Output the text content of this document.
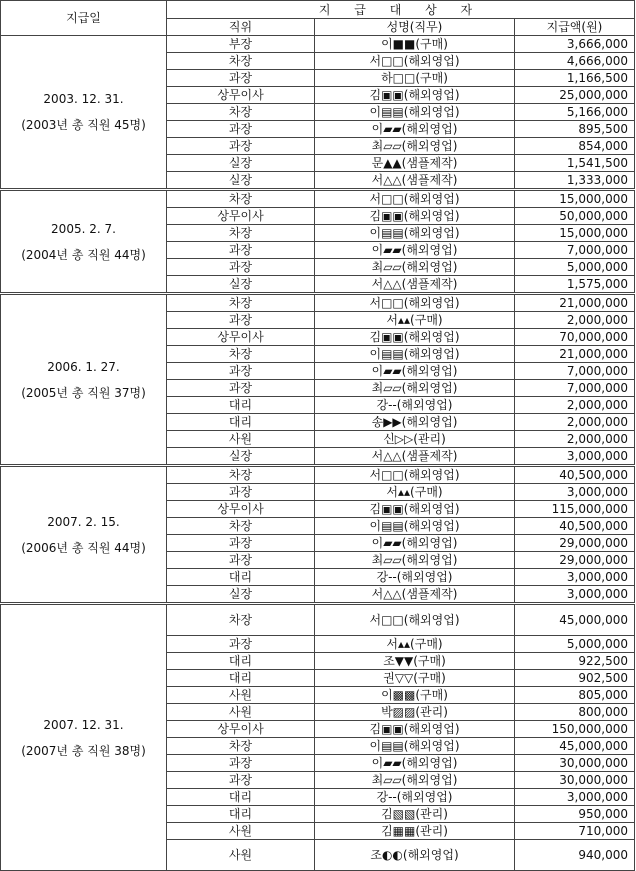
지급일	지 급 대 상 자		
	직위	성명(직무)	지급액(원)

2003. 12. 31.
(2003년 총 직원 45명)	부장	이■■(구매)	3,666,000
	차장	서□□(해외영업)	4,666,000
	과장	하□□(구매)	1,166,500
	상무이사	김▣▣(해외영업)	25,000,000
	차장	이▤▤(해외영업)	5,166,000
	과장	이▰▰(해외영업)	895,500
	과장	최▱▱(해외영업)	854,000
	실장	문▲▲(샘플제작)	1,541,500
	실장	서△△(샘플제작)	1,333,000

2005. 2. 7.
(2004년 총 직원 44명)	차장	서□□(해외영업)	15,000,000
	상무이사	김▣▣(해외영업)	50,000,000
	차장	이▤▤(해외영업)	15,000,000
	과장	이▰▰(해외영업)	7,000,000
	과장	최▱▱(해외영업)	5,000,000
	실장	서△△(샘플제작)	1,575,000

2006. 1. 27.
(2005년 총 직원 37명)	차장	서□□(해외영업)	21,000,000
	과장	서▴▴(구매)	2,000,000
	상무이사	김▣▣(해외영업)	70,000,000
	차장	이▤▤(해외영업)	21,000,000
	과장	이▰▰(해외영업)	7,000,000
	과장	최▱▱(해외영업)	7,000,000
	대리	강--(해외영업)	2,000,000
	대리	송▶▶(해외영업)	2,000,000
	사원	신▷▷(관리)	2,000,000
	실장	서△△(샘플제작)	3,000,000

2007. 2. 15.
(2006년 총 직원 44명)	차장	서□□(해외영업)	40,500,000
	과장	서▴▴(구매)	3,000,000
	상무이사	김▣▣(해외영업)	115,000,000
	차장	이▤▤(해외영업)	40,500,000
	과장	이▰▰(해외영업)	29,000,000
	과장	최▱▱(해외영업)	29,000,000
	대리	강--(해외영업)	3,000,000
	실장	서△△(샘플제작)	3,000,000

2007. 12. 31.
(2007년 총 직원 38명)	차장	서□□(해외영업)	45,000,000
	과장	서▴▴(구매)	5,000,000
	대리	조▼▼(구매)	922,500
	대리	권▽▽(구매)	902,500
	사원	이▩▩(구매)	805,000
	사원	박▨▨(관리)	800,000
	상무이사	김▣▣(해외영업)	150,000,000
	차장	이▤▤(해외영업)	45,000,000
	과장	이▰▰(해외영업)	30,000,000
	과장	최▱▱(해외영업)	30,000,000
	대리	강--(해외영업)	3,000,000
	대리	김▧▧(관리)	950,000
	사원	김▦▦(관리)	710,000
	사원	조◐◐(해외영업)	940,000
